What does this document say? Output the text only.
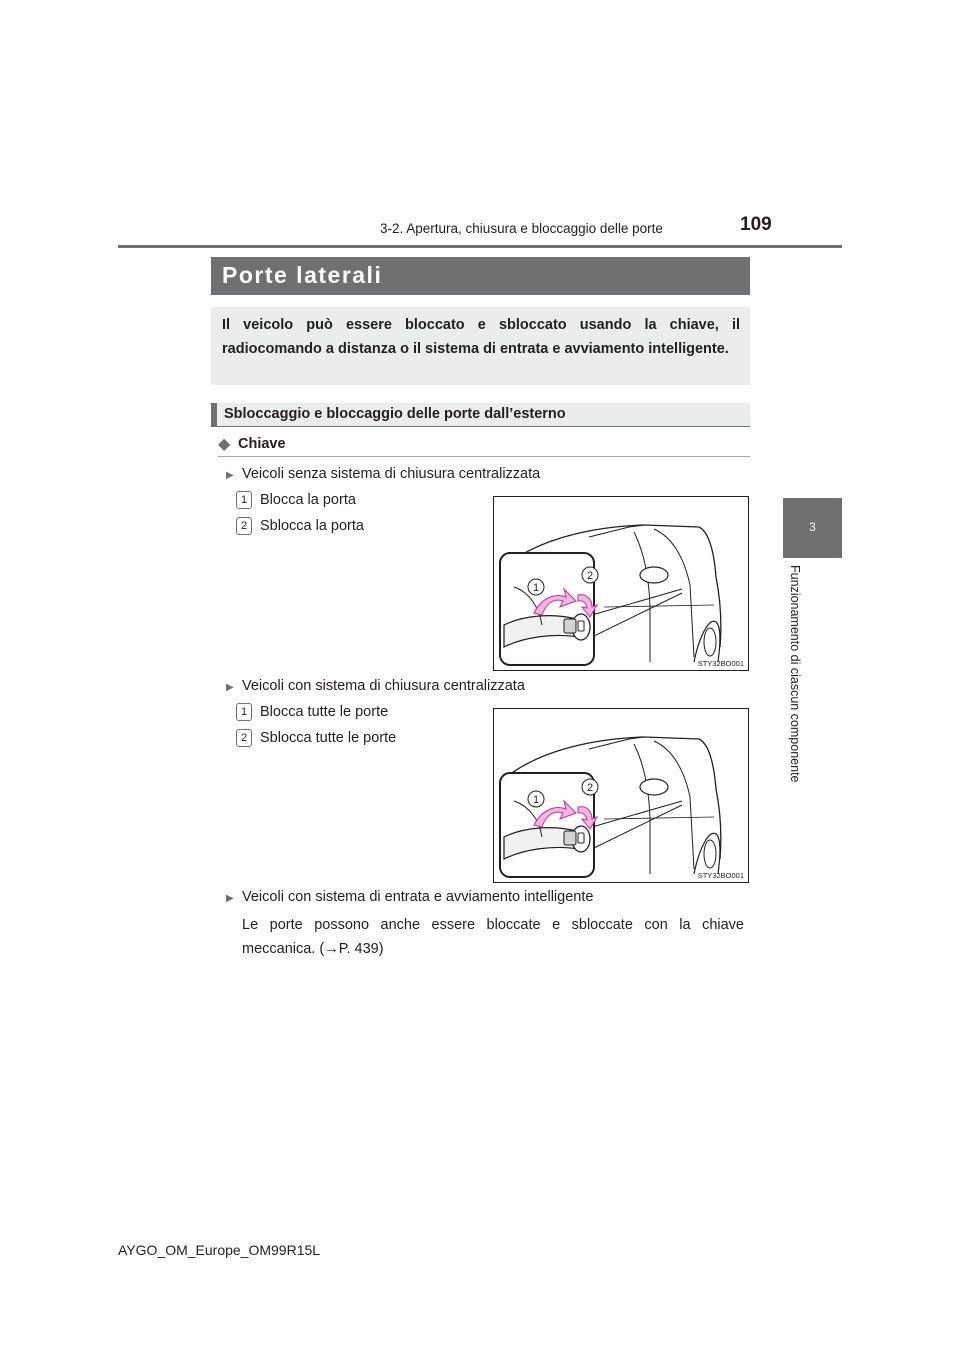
3-2. Apertura, chiusura e bloccaggio delle porte	109
3
Funzionamento di ciascun componente
Porte laterali
Il veicolo può essere bloccato e sbloccato usando la chiave, il radiocomando a distanza o il sistema di entrata e avviamento intelligente.
Sbloccaggio e bloccaggio delle porte dall’esterno
◆ Chiave
▶ Veicoli senza sistema di chiusura centralizzata
1 Blocca la porta
2 Sblocca la porta
1
2
STY32BO001
▶ Veicoli con sistema di chiusura centralizzata
1 Blocca tutte le porte
2 Sblocca tutte le porte
1
2
STY32BO001
▶ Veicoli con sistema di entrata e avviamento intelligente
Le porte possono anche essere bloccate e sbloccate con la chiave meccanica. (→P. 439)
AYGO_OM_Europe_OM99R15L
